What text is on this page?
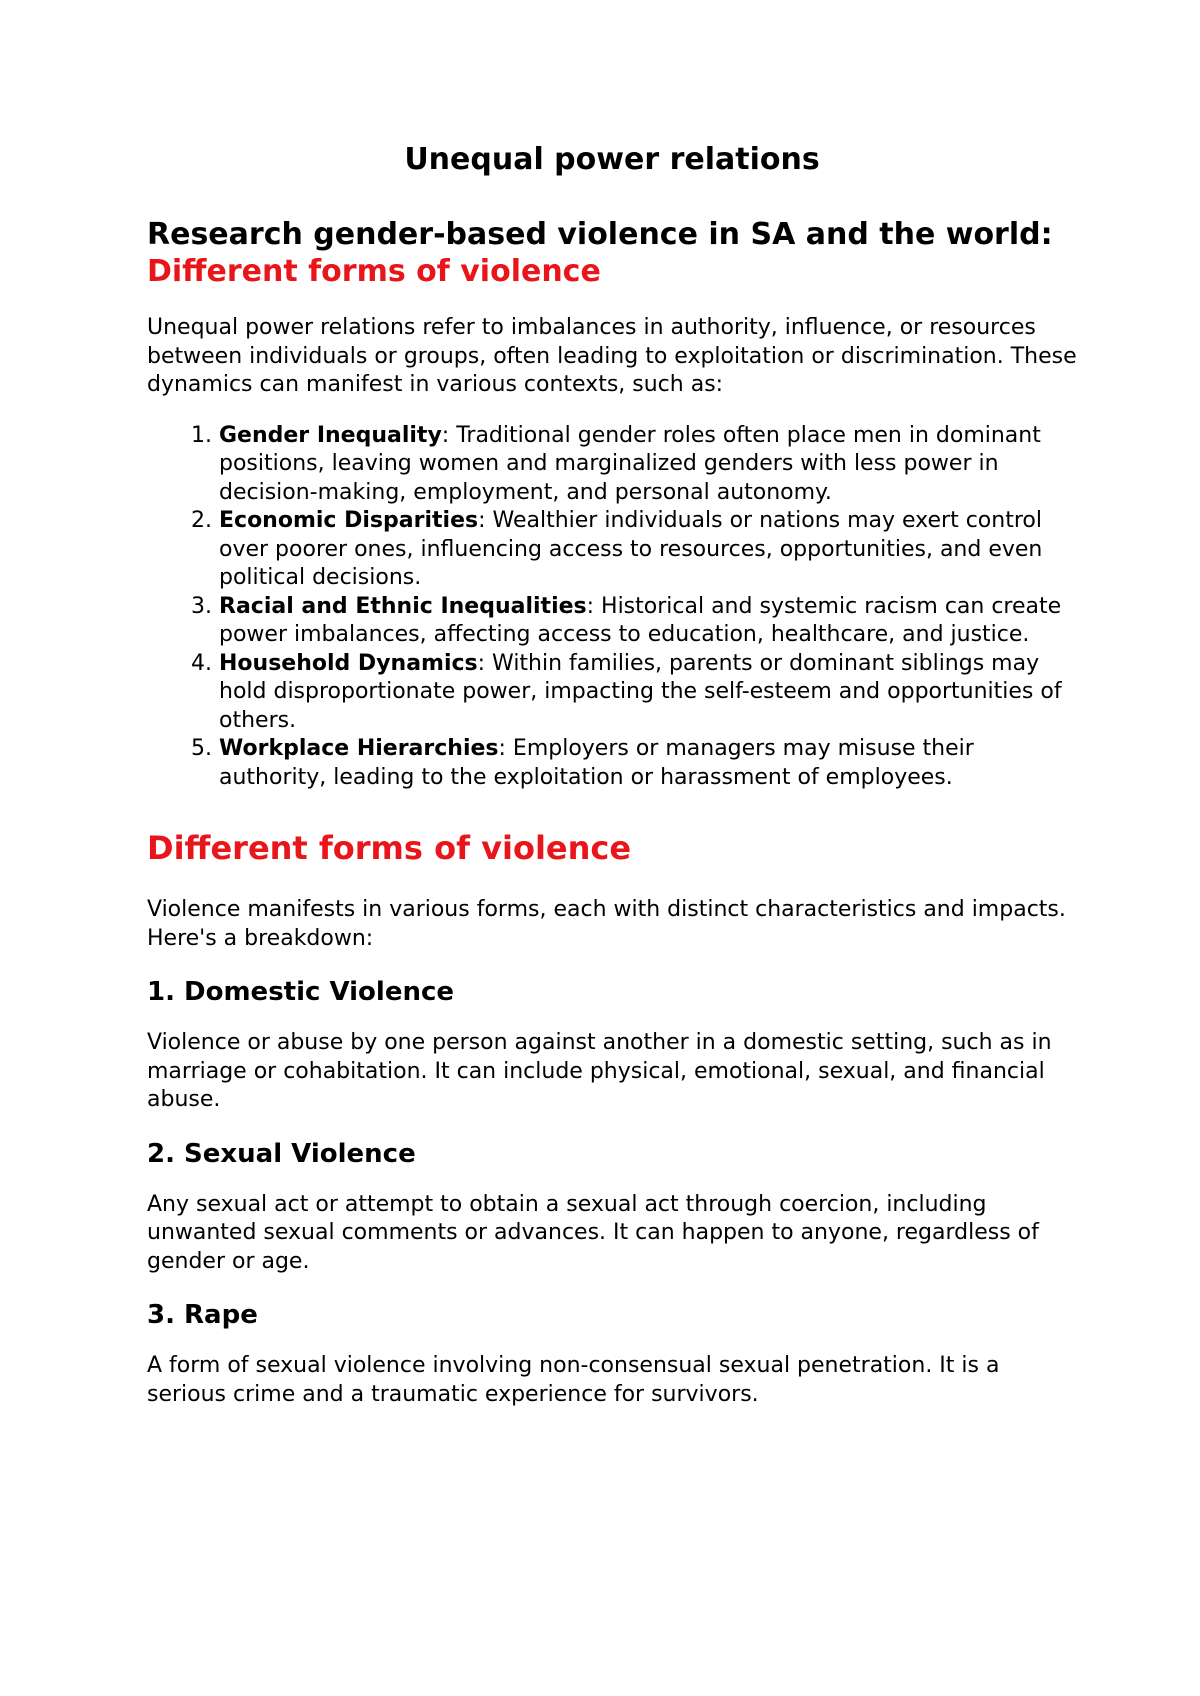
Unequal power relations
Research gender-based violence in SA and the world: Different forms of violence

Unequal power relations refer to imbalances in authority, influence, or resources between individuals or groups, often leading to exploitation or discrimination. These dynamics can manifest in various contexts, such as:

1. Gender Inequality: Traditional gender roles often place men in dominant positions, leaving women and marginalized genders with less power in decision-making, employment, and personal autonomy.
2. Economic Disparities: Wealthier individuals or nations may exert control over poorer ones, influencing access to resources, opportunities, and even political decisions.
3. Racial and Ethnic Inequalities: Historical and systemic racism can create power imbalances, affecting access to education, healthcare, and justice.
4. Household Dynamics: Within families, parents or dominant siblings may hold disproportionate power, impacting the self-esteem and opportunities of others.
5. Workplace Hierarchies: Employers or managers may misuse their authority, leading to the exploitation or harassment of employees.
Different forms of violence

Violence manifests in various forms, each with distinct characteristics and impacts. Here's a breakdown:

1. Domestic Violence

Violence or abuse by one person against another in a domestic setting, such as in marriage or cohabitation. It can include physical, emotional, sexual, and financial abuse.

2. Sexual Violence

Any sexual act or attempt to obtain a sexual act through coercion, including unwanted sexual comments or advances. It can happen to anyone, regardless of gender or age.

3. Rape

A form of sexual violence involving non-consensual sexual penetration. It is a serious crime and a traumatic experience for survivors.
